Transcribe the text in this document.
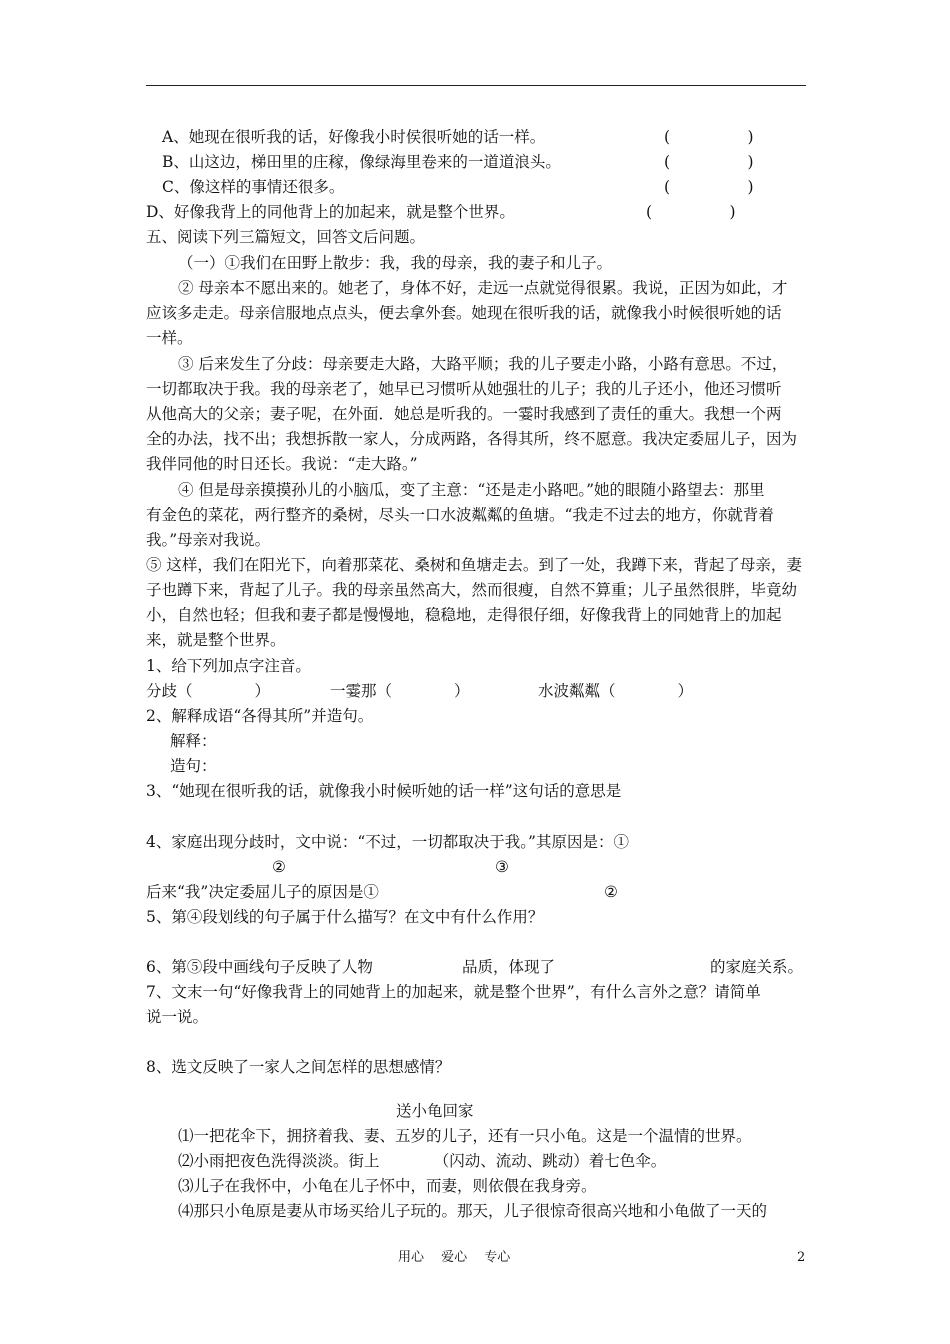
A、她现在很听我的话，好像我小时侯很听她的话一样。	(　　　　　)
B、山这边，梯田里的庄稼，像绿海里卷来的一道道浪头。	(　　　　　)
C、像这样的事情还很多。	(　　　　　)
D、好像我背上的同他背上的加起来，就是整个世界。	(　　　　　)
五、阅读下列三篇短文，回答文后问题。
（一）①我们在田野上散步：我，我的母亲，我的妻子和儿子。
② 母亲本不愿出来的。她老了，身体不好，走远一点就觉得很累。我说，正因为如此，才
应该多走走。母亲信服地点点头，便去拿外套。她现在很听我的话，就像我小时候很听她的话
一样。
③ 后来发生了分歧：母亲要走大路，大路平顺；我的儿子要走小路，小路有意思。不过，
一切都取决于我。我的母亲老了，她早已习惯听从她强壮的儿子；我的儿子还小，他还习惯听
从他高大的父亲；妻子呢，在外面．她总是听我的。一霎时我感到了责任的重大。我想一个两
全的办法，找不出；我想拆散一家人，分成两路，各得其所，终不愿意。我决定委屈儿子，因为
我伴同他的时日还长。我说：“走大路。”
④ 但是母亲摸摸孙儿的小脑瓜，变了主意：“还是走小路吧。”她的眼随小路望去：那里
有金色的菜花，两行整齐的桑树，尽头一口水波粼粼的鱼塘。“我走不过去的地方，你就背着
我。”母亲对我说。
⑤ 这样，我们在阳光下，向着那菜花、桑树和鱼塘走去。到了一处，我蹲下来，背起了母亲，妻
子也蹲下来，背起了儿子。我的母亲虽然高大，然而很瘦，自然不算重；儿子虽然很胖，毕竟幼
小，自然也轻；但我和妻子都是慢慢地，稳稳地，走得很仔细，好像我背上的同她背上的加起
来，就是整个世界。
1、给下列加点字注音。
分歧（　　　　）	一霎那（　　　　）	水波粼粼（　　　　）
2、解释成语“各得其所”并造句。
解释：
造句：
3、“她现在很听我的话，就像我小时候听她的话一样”这句话的意思是
4、家庭出现分歧时，文中说：“不过，一切都取决于我。”其原因是：①
②	③
后来“我”决定委屈儿子的原因是①	②
5、第④段划线的句子属于什么描写？在文中有什么作用？
6、第⑤段中画线句子反映了人物	品质，体现了	的家庭关系。
7、文末一句“好像我背上的同她背上的加起来，就是整个世界”，有什么言外之意？请简单
说一说。
8、选文反映了一家人之间怎样的思想感情？
送小龟回家
⑴一把花伞下，拥挤着我、妻、五岁的儿子，还有一只小龟。这是一个温情的世界。
⑵小雨把夜色洗得淡淡。街上　　　　（闪动、流动、跳动）着七色伞。
⑶儿子在我怀中，小龟在儿子怀中，而妻，则依偎在我身旁。
⑷那只小龟原是妻从市场买给儿子玩的。那天，儿子很惊奇很高兴地和小龟做了一天的
用心　 爱心　 专心	2
